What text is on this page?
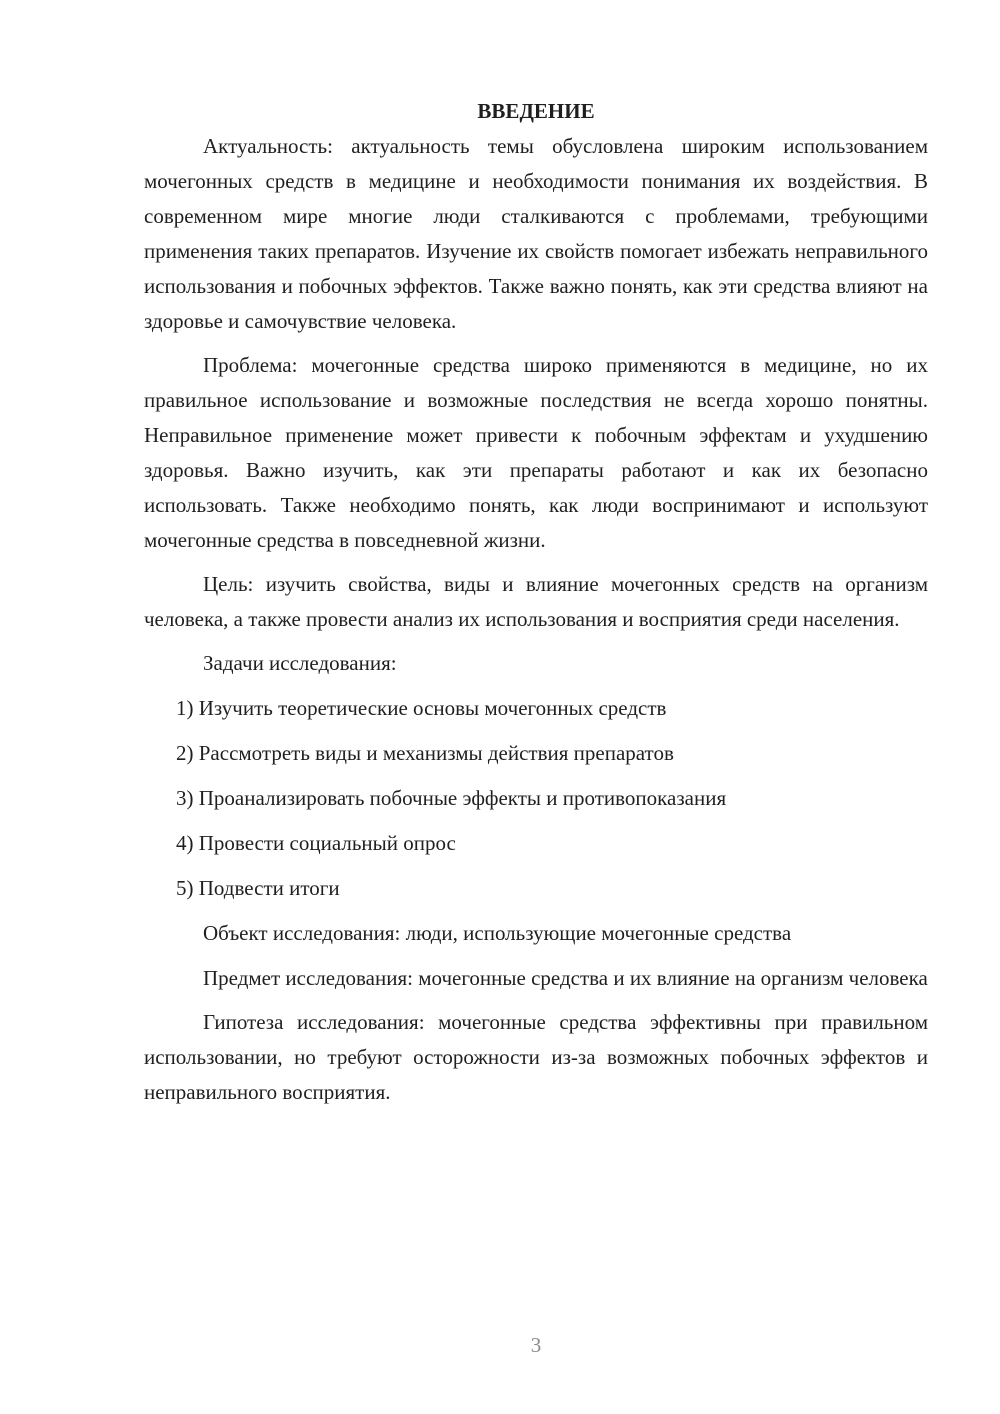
ВВЕДЕНИЕ

Актуальность: актуальность темы обусловлена широким использованием мочегонных средств в медицине и необходимости понимания их воздействия. В современном мире многие люди сталкиваются с проблемами, требующими применения таких препаратов. Изучение их свойств помогает избежать неправильного использования и побочных эффектов. Также важно понять, как эти средства влияют на здоровье и самочувствие человека.

Проблема: мочегонные средства широко применяются в медицине, но их правильное использование и возможные последствия не всегда хорошо понятны. Неправильное применение может привести к побочным эффектам и ухудшению здоровья. Важно изучить, как эти препараты работают и как их безопасно использовать. Также необходимо понять, как люди воспринимают и используют мочегонные средства в повседневной жизни.

Цель: изучить свойства, виды и влияние мочегонных средств на организм человека, а также провести анализ их использования и восприятия среди населения.

Задачи исследования:

1) Изучить теоретические основы мочегонных средств
2) Рассмотреть виды и механизмы действия препаратов
3) Проанализировать побочные эффекты и противопоказания
4) Провести социальный опрос
5) Подвести итоги

Объект исследования: люди, использующие мочегонные средства

Предмет исследования: мочегонные средства и их влияние на организм человека

Гипотеза исследования: мочегонные средства эффективны при правильном использовании, но требуют осторожности из-за возможных побочных эффектов и неправильного восприятия.

3
